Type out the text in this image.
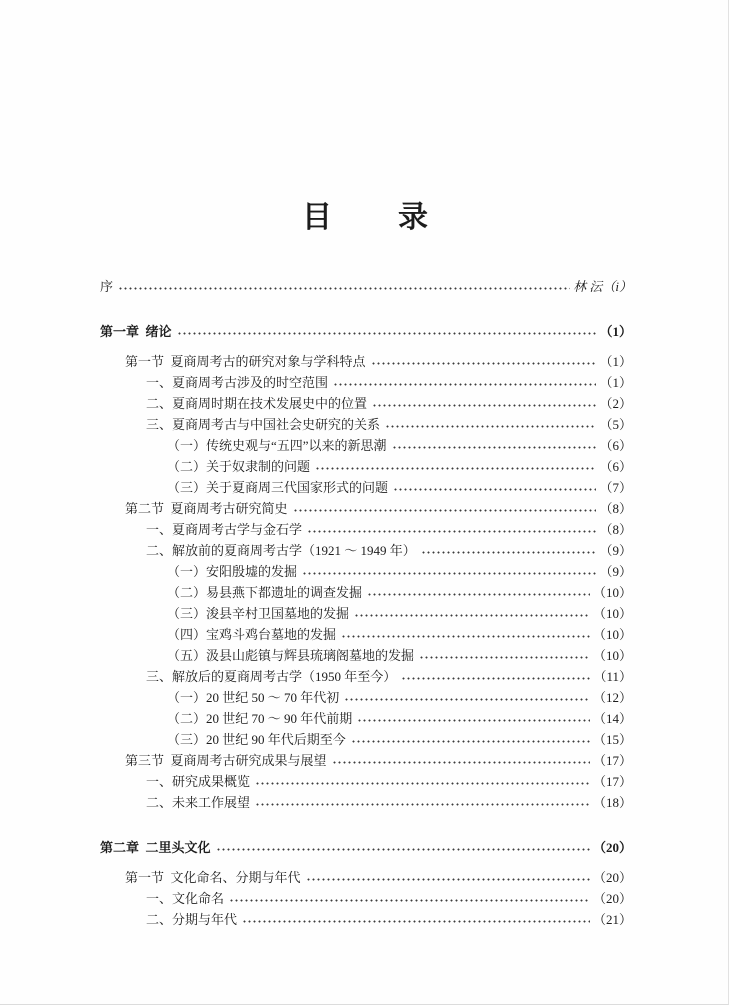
目　　录
序	林 沄（i）
第一章  绪论	（1）
第一节  夏商周考古的研究对象与学科特点	（1）
一、夏商周考古涉及的时空范围	（1）
二、夏商周时期在技术发展史中的位置	（2）
三、夏商周考古与中国社会史研究的关系	（5）
（一）传统史观与“五四”以来的新思潮	（6）
（二）关于奴隶制的问题	（6）
（三）关于夏商周三代国家形式的问题	（7）
第二节  夏商周考古研究简史	（8）
一、夏商周考古学与金石学	（8）
二、解放前的夏商周考古学（1921 ～ 1949 年）	（9）
（一）安阳殷墟的发掘	（9）
（二）易县燕下都遗址的调查发掘	（10）
（三）浚县辛村卫国墓地的发掘	（10）
（四）宝鸡斗鸡台墓地的发掘	（10）
（五）汲县山彪镇与辉县琉璃阁墓地的发掘	（10）
三、解放后的夏商周考古学（1950 年至今）	（11）
（一）20 世纪 50 ～ 70 年代初	（12）
（二）20 世纪 70 ～ 90 年代前期	（14）
（三）20 世纪 90 年代后期至今	（15）
第三节  夏商周考古研究成果与展望	（17）
一、研究成果概览	（17）
二、未来工作展望	（18）
第二章  二里头文化	（20）
第一节  文化命名、分期与年代	（20）
一、文化命名	（20）
二、分期与年代	（21）
